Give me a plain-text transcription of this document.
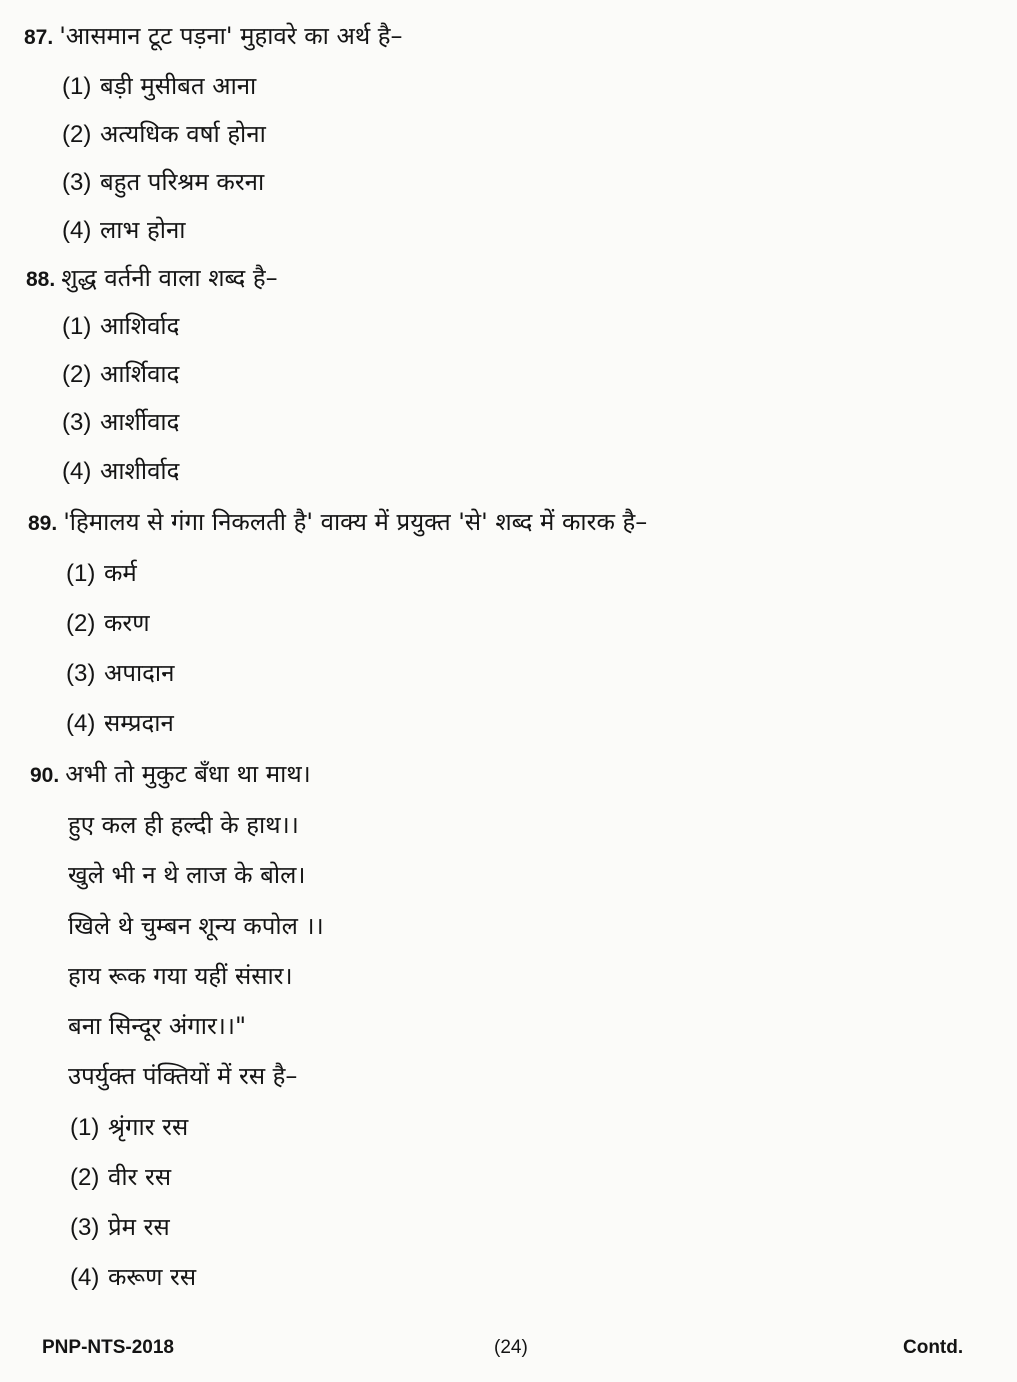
87. 'आसमान टूट पड़ना' मुहावरे का अर्थ है–
(1) बड़ी मुसीबत आना
(2) अत्यधिक वर्षा होना
(3) बहुत परिश्रम करना
(4) लाभ होना
88. शुद्ध वर्तनी वाला शब्द है–
(1) आशिर्वाद
(2) आर्शिवाद
(3) आर्शीवाद
(4) आशीर्वाद
89. 'हिमालय से गंगा निकलती है' वाक्य में प्रयुक्त 'से' शब्द में कारक है–
(1) कर्म
(2) करण
(3) अपादान
(4) सम्प्रदान
90. अभी तो मुकुट बँधा था माथ।
हुए कल ही हल्दी के हाथ।।
खुले भी न थे लाज के बोल।
खिले थे चुम्बन शून्य कपोल ।।
हाय रूक गया यहीं संसार।
बना सिन्दूर अंगार।।"
उपर्युक्त पंक्तियों में रस है–
(1) श्रृंगार रस
(2) वीर रस
(3) प्रेम रस
(4) करूण रस
PNP-NTS-2018	(24)	Contd.
